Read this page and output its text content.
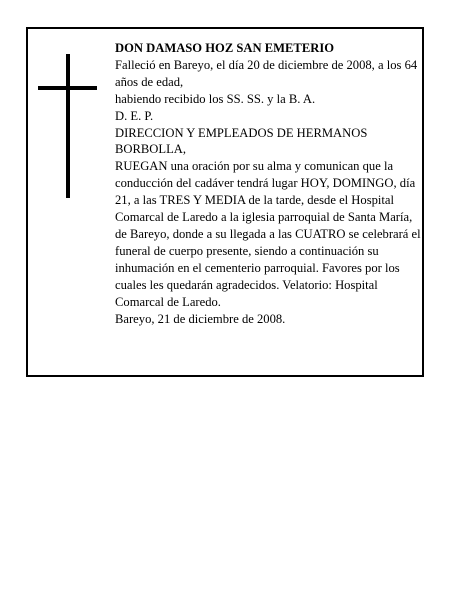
DON DAMASO HOZ SAN EMETERIO

Falleció en Bareyo, el día 20 de diciembre de 2008, a los 64 años de edad,

habiendo recibido los SS. SS. y la B. A.

D. E. P.

DIRECCION Y EMPLEADOS DE HERMANOS BORBOLLA,

RUEGAN una oración por su alma y comunican que la conducción del cadáver tendrá lugar HOY, DOMINGO, día 21, a las TRES Y MEDIA de la tarde, desde el Hospital Comarcal de Laredo a la iglesia parroquial de Santa María, de Bareyo, donde a su llegada a las CUATRO se celebrará el funeral de cuerpo presente, siendo a continuación su inhumación en el cementerio parroquial. Favores por los cuales les quedarán agradecidos. Velatorio: Hospital Comarcal de Laredo.

Bareyo, 21 de diciembre de 2008.
